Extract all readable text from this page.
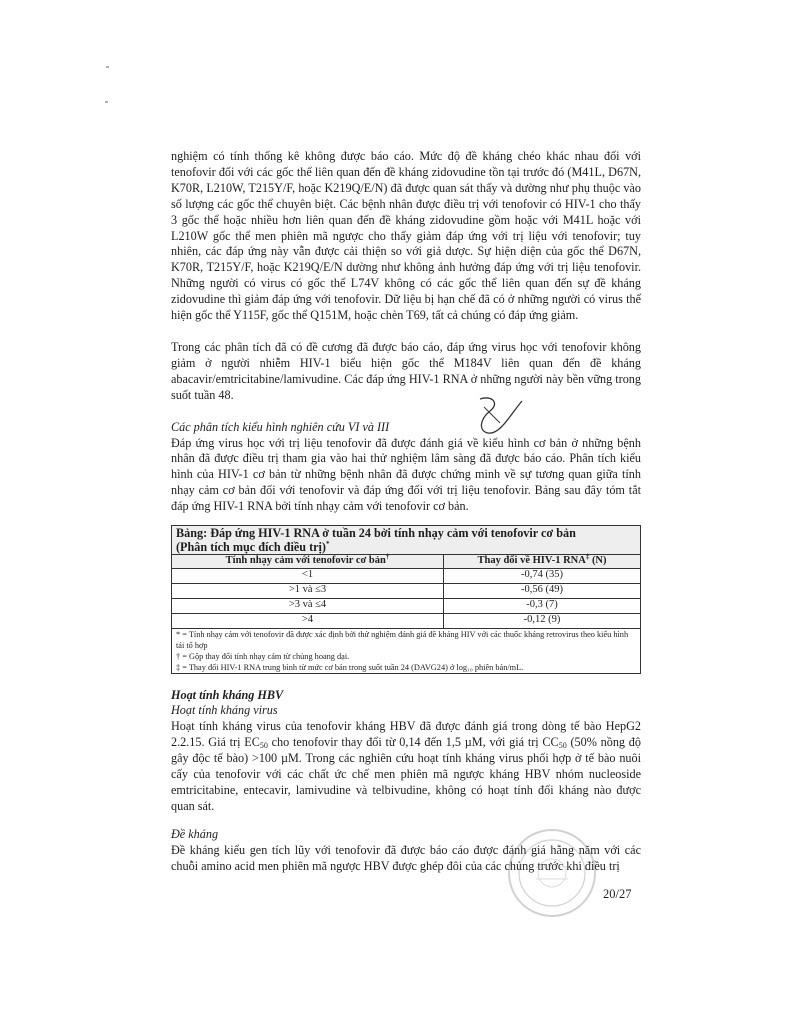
nghiệm có tính thống kê không được báo cáo. Mức độ đề kháng chéo khác nhau đối với tenofovir đối với các gốc thể liên quan đến đề kháng zidovudine tồn tại trước đó (M41L, D67N, K70R, L210W, T215Y/F, hoặc K219Q/E/N) đã được quan sát thấy và dường như phụ thuộc vào số lượng các gốc thể chuyên biệt. Các bệnh nhân được điều trị với tenofovir có HIV-1 cho thấy 3 gốc thể hoặc nhiều hơn liên quan đến đề kháng zidovudine gồm hoặc với M41L hoặc với L210W gốc thể men phiên mã ngược cho thấy giảm đáp ứng với trị liệu với tenofovir; tuy nhiên, các đáp ứng này vẫn được cải thiện so với giả dược. Sự hiện diện của gốc thể D67N, K70R, T215Y/F, hoặc K219Q/E/N dường như không ảnh hưởng đáp ứng với trị liệu tenofovir. Những người có virus có gốc thể L74V không có các gốc thể liên quan đến sự đề kháng zidovudine thì giảm đáp ứng với tenofovir. Dữ liệu bị hạn chế đã có ở những người có virus thể hiện gốc thể Y115F, gốc thể Q151M, hoặc chèn T69, tất cả chúng có đáp ứng giảm.

Trong các phân tích đã có đề cương đã được báo cáo, đáp ứng virus học với tenofovir không giảm ở người nhiễm HIV-1 biểu hiện gốc thể M184V liên quan đến đề kháng abacavir/emtricitabine/lamivudine. Các đáp ứng HIV-1 RNA ở những người này bền vững trong suốt tuần 48.

Các phân tích kiểu hình nghiên cứu VI và III

Đáp ứng virus học với trị liệu tenofovir đã được đánh giá về kiểu hình cơ bản ở những bệnh nhân đã được điều trị tham gia vào hai thử nghiệm lâm sàng đã được báo cáo. Phân tích kiểu hình của HIV-1 cơ bản từ những bệnh nhân đã được chứng minh về sự tương quan giữa tính nhạy cảm cơ bản đối với tenofovir và đáp ứng đối với trị liệu tenofovir. Bảng sau đây tóm tắt đáp ứng HIV-1 RNA bởi tính nhạy cảm với tenofovir cơ bản.

Bảng: Đáp ứng HIV-1 RNA ở tuần 24 bởi tính nhạy cảm với tenofovir cơ bản
(Phân tích mục đích điều trị)*
Tính nhạy cảm với tenofovir cơ bản†	Thay đổi về HIV-1 RNA‡ (N)
<1	-0,74 (35)
>1 và ≤3	-0,56 (49)
>3 và ≤4	-0,3 (7)
>4	-0,12 (9)

* = Tính nhạy cảm với tenofovir đã được xác định bởi thử nghiệm đánh giá đề kháng HIV với các thuốc kháng retrovirus theo kiểu hình tái tổ hợp
† = Gộp thay đổi tính nhạy cảm từ chủng hoang dại.
‡ = Thay đổi HIV-1 RNA trung bình từ mức cơ bản trong suốt tuần 24 (DAVG24) ở log₁₀ phiên bản/mL.	

Hoạt tính kháng HBV

Hoạt tính kháng virus

Hoạt tính kháng virus của tenofovir kháng HBV đã được đánh giá trong dòng tế bào HepG2 2.2.15. Giá trị $EC_{50}$ cho tenofovir thay đổi từ 0,14 đến 1,5 µM, với giá trị $CC_{50}$ (50% nồng độ gây độc tế bào) >100 µM. Trong các nghiên cứu hoạt tính kháng virus phối hợp ở tế bào nuôi cấy của tenofovir với các chất ức chế men phiên mã ngược kháng HBV nhóm nucleoside emtricitabine, entecavir, lamivudine và telbivudine, không có hoạt tính đối kháng nào được quan sát.

Đề kháng

Đề kháng kiểu gen tích lũy với tenofovir đã được báo cáo được đánh giá hằng năm với các chuỗi amino acid men phiên mã ngược HBV được ghép đôi của các chủng trước khi điều trị

20/27
